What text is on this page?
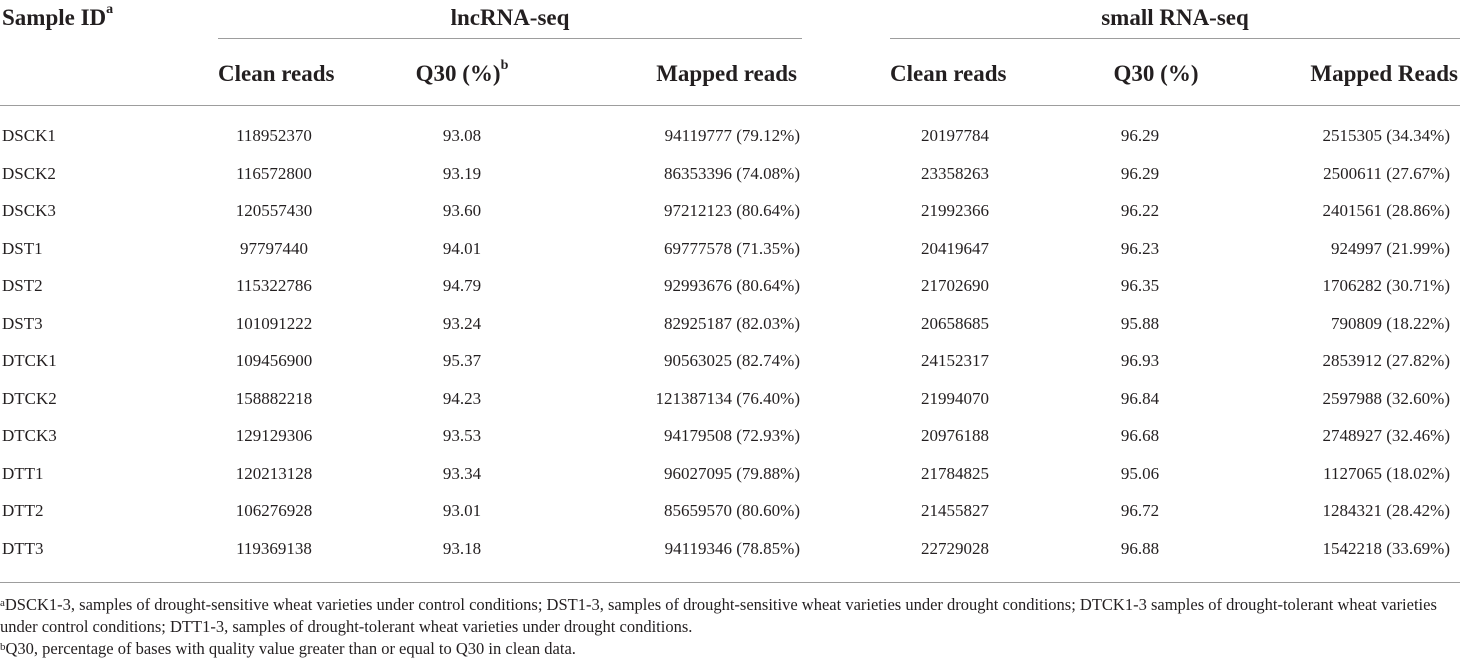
Sample $ID^a$	lncRNA-seq	small RNA-seq
Clean reads	Q30 (%)$^b$	Mapped reads	Clean reads	Q30 (%)	Mapped Reads
DSCK1	118952370	93.08	94119777 (79.12%)	20197784	96.29	2515305 (34.34%)
DSCK2	116572800	93.19	86353396 (74.08%)	23358263	96.29	2500611 (27.67%)
DSCK3	120557430	93.60	97212123 (80.64%)	21992366	96.22	2401561 (28.86%)
DST1	97797440	94.01	69777578 (71.35%)	20419647	96.23	924997 (21.99%)
DST2	115322786	94.79	92993676 (80.64%)	21702690	96.35	1706282 (30.71%)
DST3	101091222	93.24	82925187 (82.03%)	20658685	95.88	790809 (18.22%)
DTCK1	109456900	95.37	90563025 (82.74%)	24152317	96.93	2853912 (27.82%)
DTCK2	158882218	94.23	121387134 (76.40%)	21994070	96.84	2597988 (32.60%)
DTCK3	129129306	93.53	94179508 (72.93%)	20976188	96.68	2748927 (32.46%)
DTT1	120213128	93.34	96027095 (79.88%)	21784825	95.06	1127065 (18.02%)
DTT2	106276928	93.01	85659570 (80.60%)	21455827	96.72	1284321 (28.42%)
DTT3	119369138	93.18	94119346 (78.85%)	22729028	96.88	1542218 (33.69%)

$^a$DSCK1-3, samples of drought-sensitive wheat varieties under control conditions; DST1-3, samples of drought-sensitive wheat varieties under drought conditions; DTCK1-3 samples of drought-tolerant wheat varieties under control conditions; DTT1-3, samples of drought-tolerant wheat varieties under drought conditions.

$^b$Q30, percentage of bases with quality value greater than or equal to Q30 in clean data.
